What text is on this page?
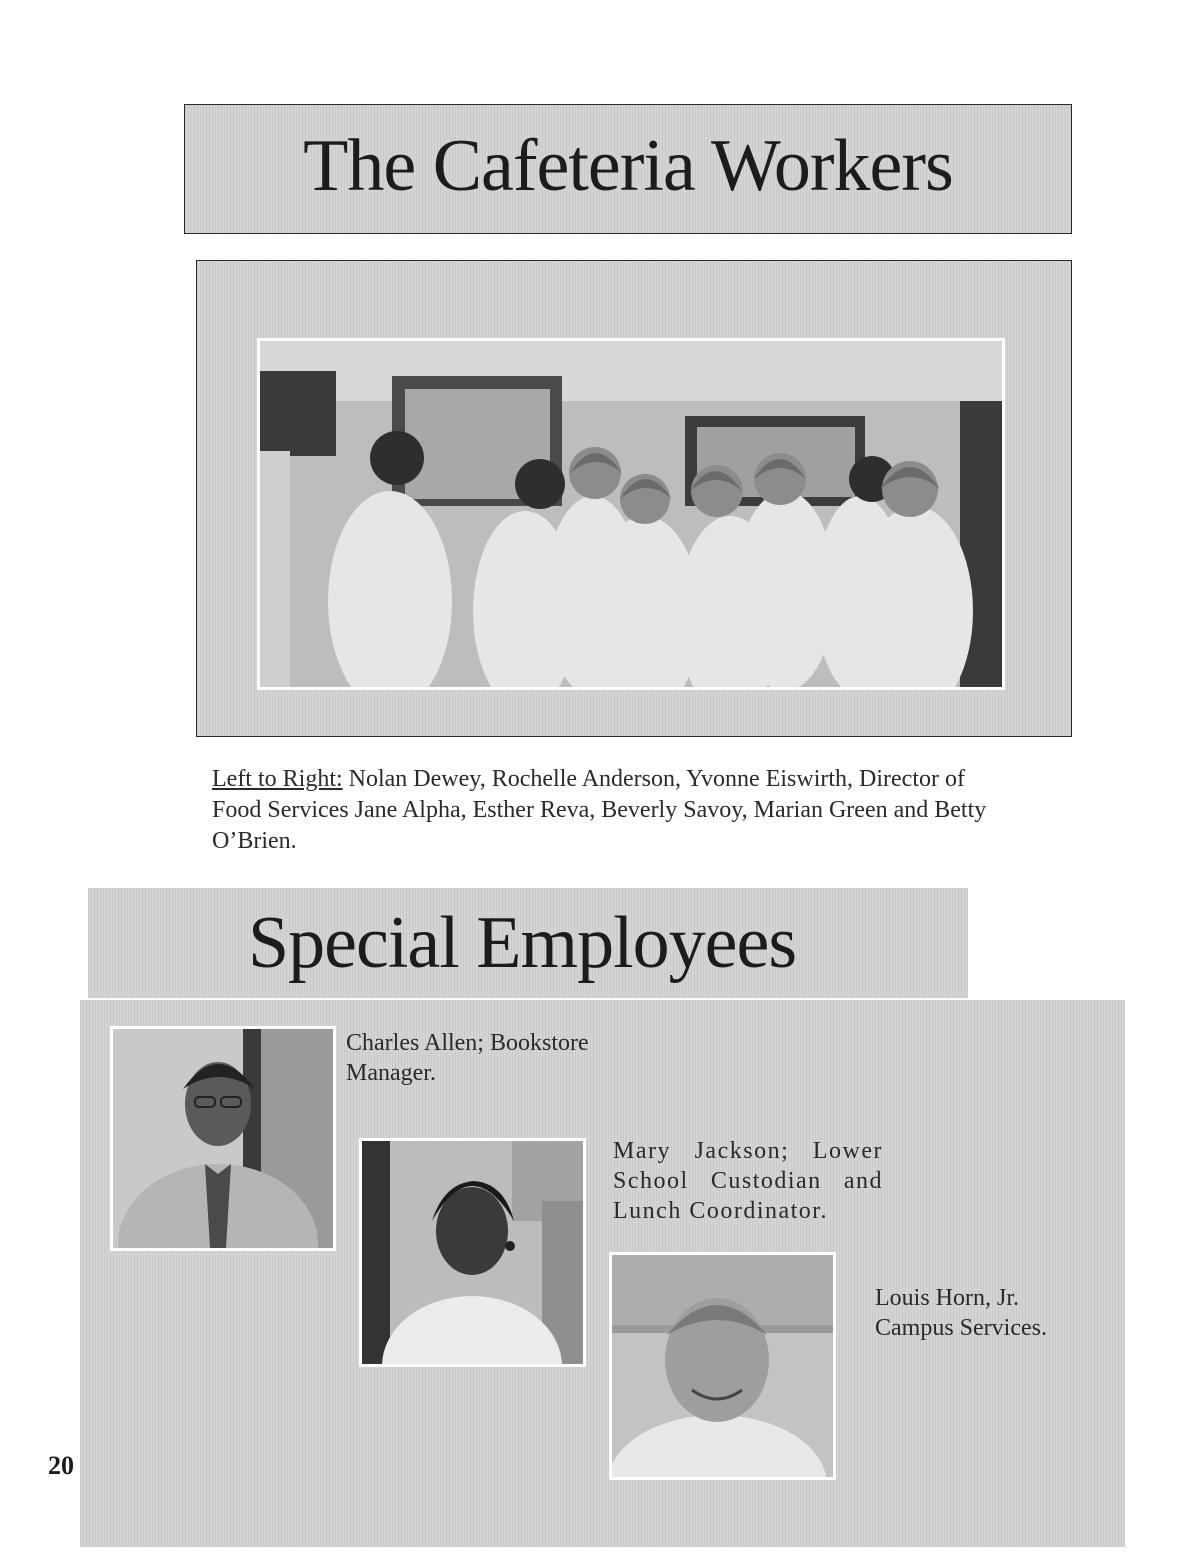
The Cafeteria Workers
Left to Right: Nolan Dewey, Rochelle Anderson, Yvonne Eiswirth, Director of Food Services Jane Alpha, Esther Reva, Beverly Savoy, Marian Green and Betty O’Brien.
Special Employees
Charles Allen; Bookstore Manager.
Mary Jackson; Lower School Custodian and Lunch Coordinator.
Louis Horn, Jr. Campus Services.
20
